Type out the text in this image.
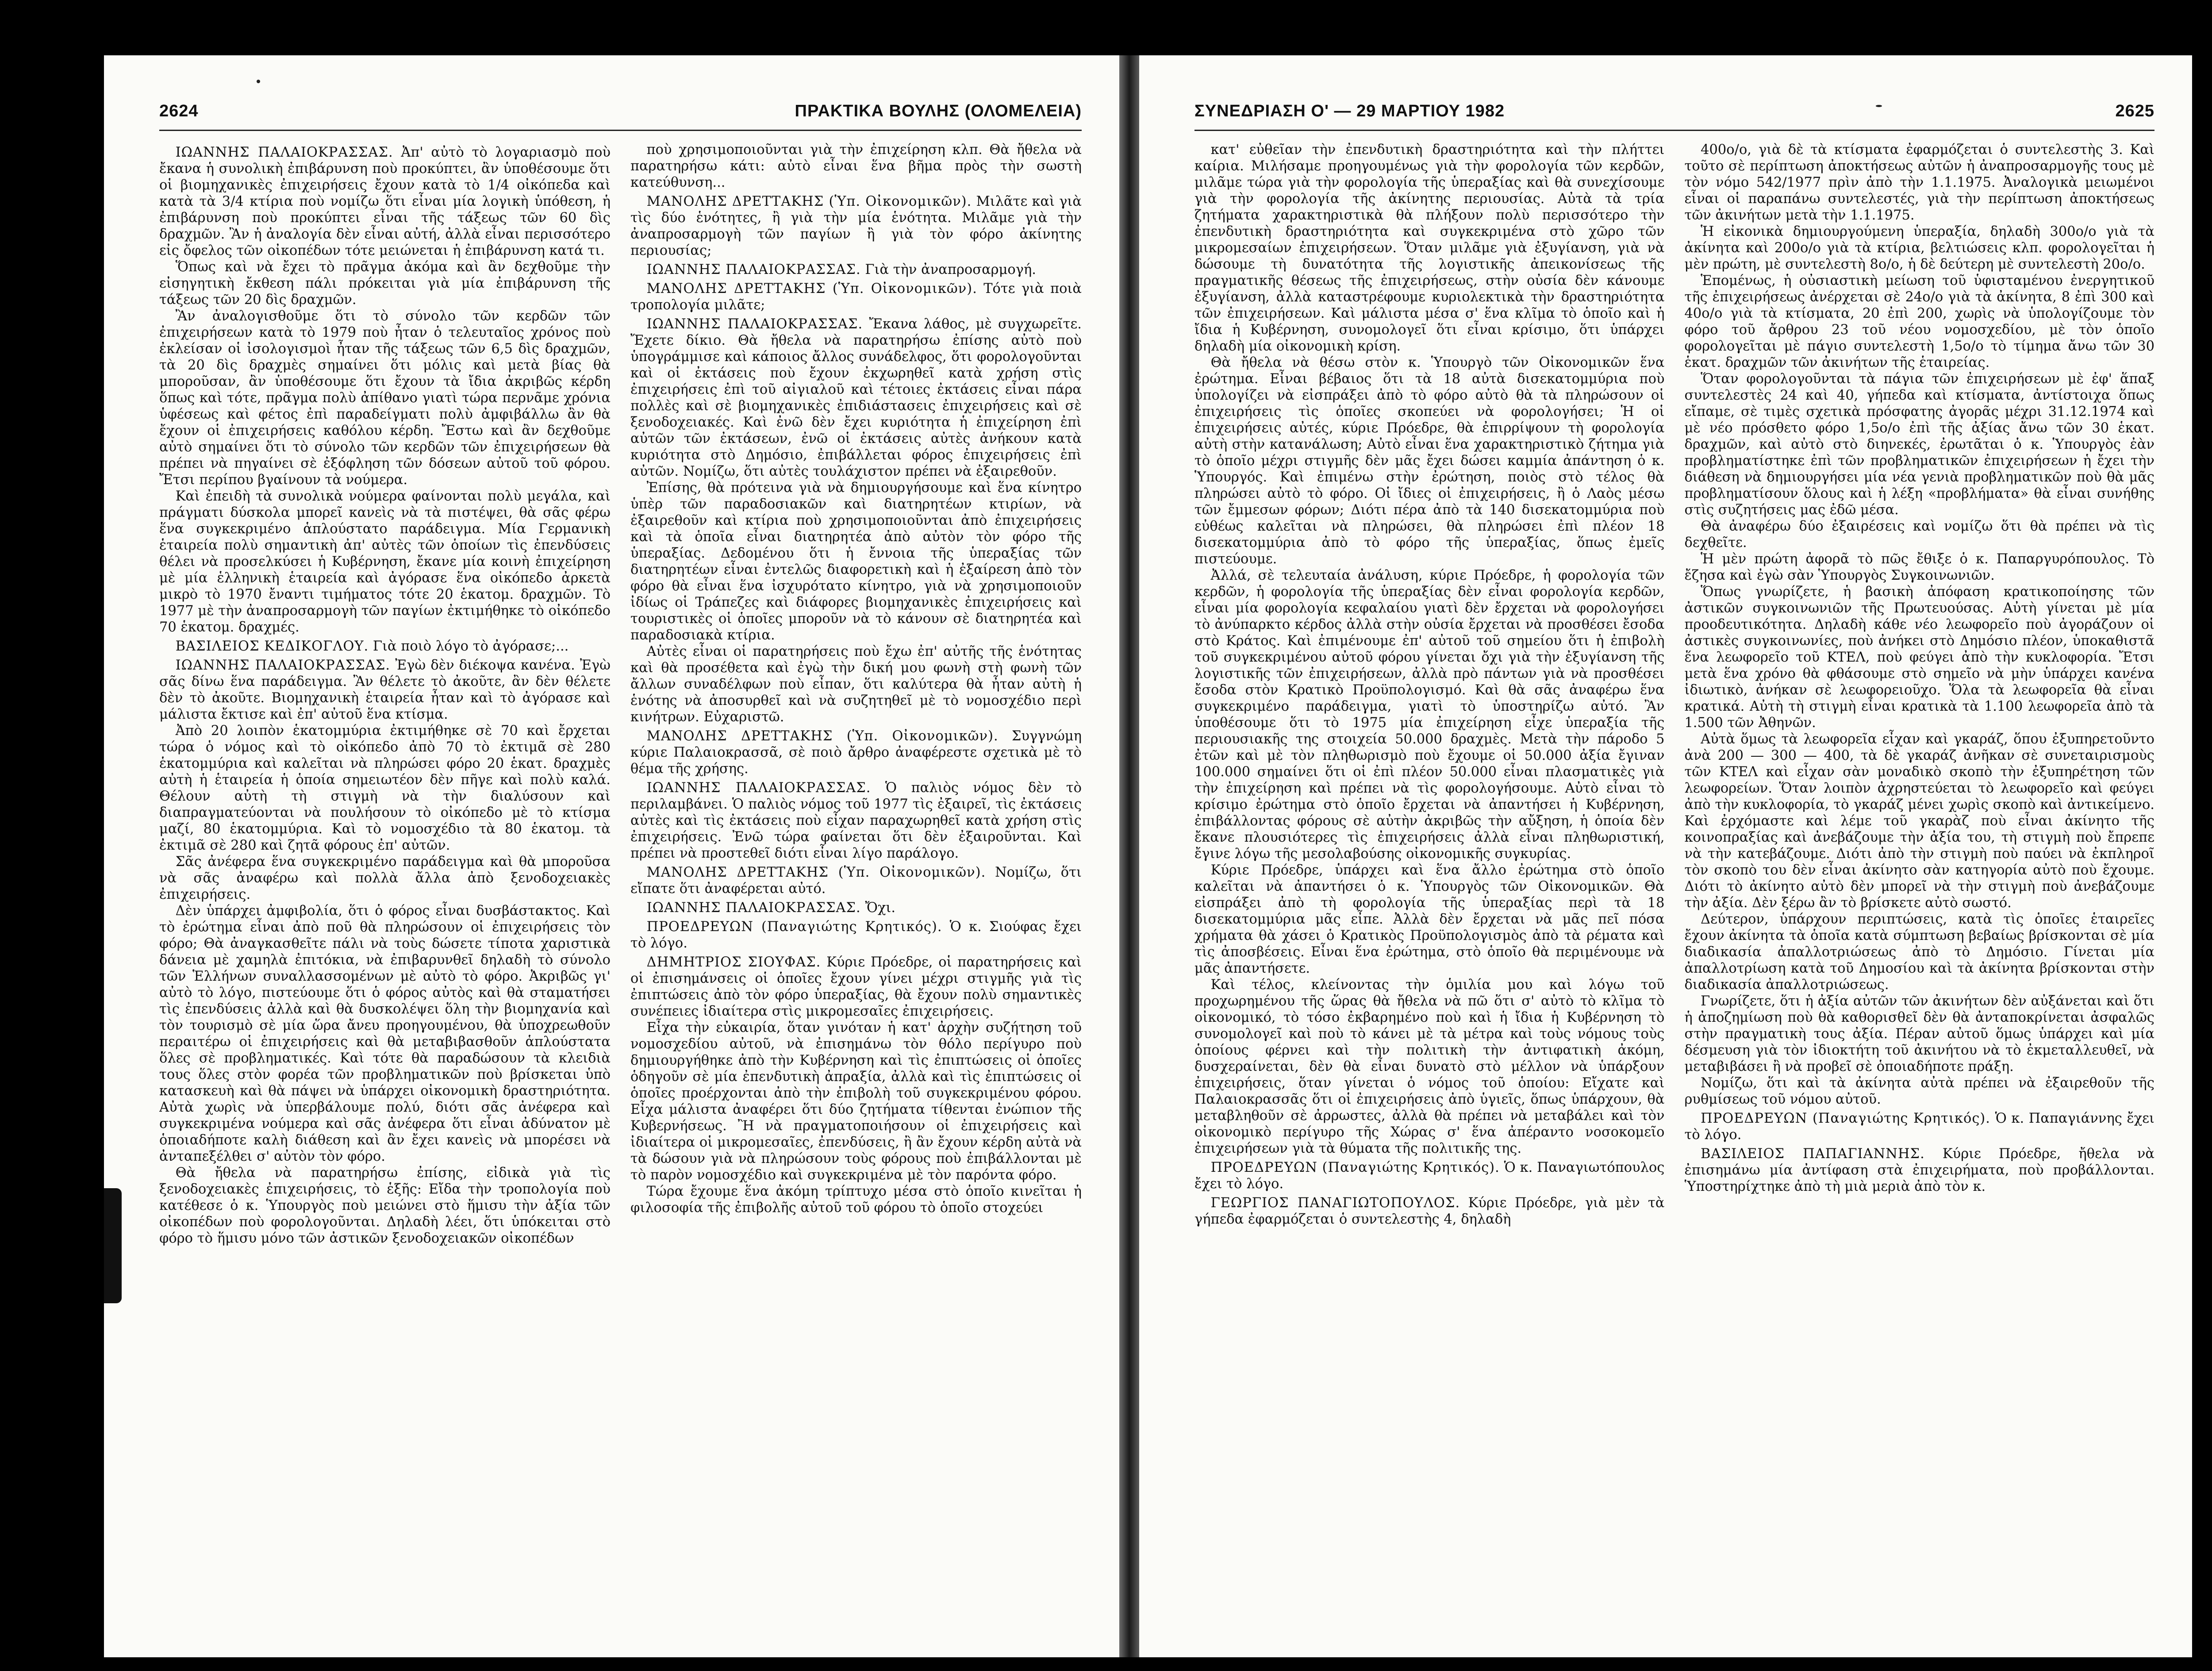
2624	ΠΡΑΚΤΙΚΑ ΒΟΥΛΗΣ (ΟΛΟΜΕΛΕΙΑ)

ΙΩΑΝΝΗΣ ΠΑΛΑΙΟΚΡΑΣΣΑΣ. Ἀπ' αὐτὸ τὸ λογαριασμὸ ποὺ ἔκανα ἡ συνολικὴ ἐπιβάρυνση ποὺ προκύπτει, ἂν ὑποθέσουμε ὅτι οἱ βιομηχανικὲς ἐπιχειρήσεις ἔχουν κατὰ τὸ 1/4 οἰκόπεδα καὶ κατὰ τὰ 3/4 κτίρια ποὺ νομίζω ὅτι εἶναι μία λογικὴ ὑπόθεση, ἡ ἐπιβάρυνση ποὺ προκύπτει εἶναι τῆς τάξεως τῶν 60 δὶς δραχμῶν. Ἂν ἡ ἀναλογία δὲν εἶναι αὐτή, ἀλλὰ εἶναι περισσότερο εἰς ὄφελος τῶν οἰκοπέδων τότε μειώνεται ἡ ἐπιβάρυνση κατά τι.

Ὅπως καὶ νὰ ἔχει τὸ πρᾶγμα ἀκόμα καὶ ἂν δεχθοῦμε τὴν εἰσηγητικὴ ἔκθεση πάλι πρόκειται γιὰ μία ἐπιβάρυνση τῆς τάξεως τῶν 20 δὶς δραχμῶν.

Ἂν ἀναλογισθοῦμε ὅτι τὸ σύνολο τῶν κερδῶν τῶν ἐπιχειρήσεων κατὰ τὸ 1979 ποὺ ἦταν ὁ τελευταῖος χρόνος ποὺ ἐκλείσαν οἱ ἰσολογισμοὶ ἦταν τῆς τάξεως τῶν 6,5 δὶς δραχμῶν, τὰ 20 δὶς δραχμὲς σημαίνει ὅτι μόλις καὶ μετὰ βίας θὰ μποροῦσαν, ἂν ὑποθέσουμε ὅτι ἔχουν τὰ ἴδια ἀκριβῶς κέρδη ὅπως καὶ τότε, πρᾶγμα πολὺ ἀπίθανο γιατὶ τώρα περνᾶμε χρόνια ὑφέσεως καὶ φέτος ἐπὶ παραδείγματι πολὺ ἀμφιβάλλω ἂν θὰ ἔχουν οἱ ἐπιχειρήσεις καθόλου κέρδη. Ἔστω καὶ ἂν δεχθοῦμε αὐτὸ σημαίνει ὅτι τὸ σύνολο τῶν κερδῶν τῶν ἐπιχειρήσεων θὰ πρέπει νὰ πηγαίνει σὲ ἐξόφληση τῶν δόσεων αὐτοῦ τοῦ φόρου. Ἔτσι περίπου βγαίνουν τὰ νούμερα.

Καὶ ἐπειδὴ τὰ συνολικὰ νούμερα φαίνονται πολὺ μεγάλα, καὶ πράγματι δύσκολα μπορεῖ κανεὶς νὰ τὰ πιστέψει, θὰ σᾶς φέρω ἕνα συγκεκριμένο ἁπλούστατο παράδειγμα. Μία Γερμανικὴ ἑταιρεία πολὺ σημαντικὴ ἀπ' αὐτὲς τῶν ὁποίων τὶς ἐπενδύσεις θέλει νὰ προσελκύσει ἡ Κυβέρνηση, ἔκανε μία κοινὴ ἐπιχείρηση μὲ μία ἑλληνικὴ ἑταιρεία καὶ ἀγόρασε ἕνα οἰκόπεδο ἀρκετὰ μικρὸ τὸ 1970 ἔναντι τιμήματος τότε 20 ἑκατομ. δραχμῶν. Τὸ 1977 μὲ τὴν ἀναπροσαρμογὴ τῶν παγίων ἐκτιμήθηκε τὸ οἰκόπεδο 70 ἑκατομ. δραχμές.

ΒΑΣΙΛΕΙΟΣ ΚΕΔΙΚΟΓΛΟΥ. Γιὰ ποιὸ λόγο τὸ ἀγόρασε;...

ΙΩΑΝΝΗΣ ΠΑΛΑΙΟΚΡΑΣΣΑΣ. Ἐγὼ δὲν διέκοψα κανένα. Ἐγὼ σᾶς δίνω ἕνα παράδειγμα. Ἂν θέλετε τὸ ἀκοῦτε, ἂν δὲν θέλετε δὲν τὸ ἀκοῦτε. Βιομηχανικὴ ἑταιρεία ἦταν καὶ τὸ ἀγόρασε καὶ μάλιστα ἔκτισε καὶ ἐπ' αὐτοῦ ἕνα κτίσμα.

Ἀπὸ 20 λοιπὸν ἑκατομμύρια ἐκτιμήθηκε σὲ 70 καὶ ἔρχεται τώρα ὁ νόμος καὶ τὸ οἰκόπεδο ἀπὸ 70 τὸ ἐκτιμᾶ σὲ 280 ἑκατομμύρια καὶ καλεῖται νὰ πληρώσει φόρο 20 ἑκατ. δραχμὲς αὐτὴ ἡ ἑταιρεία ἡ ὁποία σημειωτέον δὲν πῆγε καὶ πολὺ καλά. Θέλουν αὐτὴ τὴ στιγμὴ νὰ τὴν διαλύσουν καὶ διαπραγματεύονται νὰ πουλήσουν τὸ οἰκόπεδο μὲ τὸ κτίσμα μαζί, 80 ἑκατομμύρια. Καὶ τὸ νομοσχέδιο τὰ 80 ἑκατομ. τὰ ἐκτιμᾶ σὲ 280 καὶ ζητᾶ φόρους ἐπ' αὐτῶν.

Σᾶς ἀνέφερα ἕνα συγκεκριμένο παράδειγμα καὶ θὰ μποροῦσα νὰ σᾶς ἀναφέρω καὶ πολλὰ ἄλλα ἀπὸ ξενοδοχειακὲς ἐπιχειρήσεις.

Δὲν ὑπάρχει ἀμφιβολία, ὅτι ὁ φόρος εἶναι δυσβάστακτος. Καὶ τὸ ἐρώτημα εἶναι ἀπὸ ποῦ θὰ πληρώσουν οἱ ἐπιχειρήσεις τὸν φόρο; Θὰ ἀναγκασθεῖτε πάλι νὰ τοὺς δώσετε τίποτα χαριστικὰ δάνεια μὲ χαμηλὰ ἐπιτόκια, νὰ ἐπιβαρυνθεῖ δηλαδὴ τὸ σύνολο τῶν Ἑλλήνων συναλλασσομένων μὲ αὐτὸ τὸ φόρο. Ἀκριβῶς γι' αὐτὸ τὸ λόγο, πιστεύουμε ὅτι ὁ φόρος αὐτὸς καὶ θὰ σταματήσει τὶς ἐπενδύσεις ἀλλὰ καὶ θὰ δυσκολέψει ὅλη τὴν βιομηχανία καὶ τὸν τουρισμὸ σὲ μία ὥρα ἄνευ προηγουμένου, θὰ ὑποχρεωθοῦν περαιτέρω οἱ ἐπιχειρήσεις καὶ θὰ μεταβιβασθοῦν ἁπλούστατα ὅλες σὲ προβληματικές. Καὶ τότε θὰ παραδώσουν τὰ κλειδιὰ τους ὅλες στὸν φορέα τῶν προβληματικῶν ποὺ βρίσκεται ὑπὸ κατασκευὴ καὶ θὰ πάψει νὰ ὑπάρχει οἰκονομικὴ δραστηριότητα. Αὐτὰ χωρὶς νὰ ὑπερβάλουμε πολύ, διότι σᾶς ἀνέφερα καὶ συγκεκριμένα νούμερα καὶ σᾶς ἀνέφερα ὅτι εἶναι ἀδύνατον μὲ ὁποιαδήποτε καλὴ διάθεση καὶ ἂν ἔχει κανεὶς νὰ μπορέσει νὰ ἀνταπεξέλθει σ' αὐτὸν τὸν φόρο.

Θὰ ἤθελα νὰ παρατηρήσω ἐπίσης, εἰδικὰ γιὰ τὶς ξενοδοχειακὲς ἐπιχειρήσεις, τὸ ἑξῆς: Εἴδα τὴν τροπολογία ποὺ κατέθεσε ὁ κ. Ὑπουργὸς ποὺ μειώνει στὸ ἥμισυ τὴν ἀξία τῶν οἰκοπέδων ποὺ φορολογοῦνται. Δηλαδὴ λέει, ὅτι ὑπόκειται στὸ φόρο τὸ ἥμισυ μόνο τῶν ἀστικῶν ξενοδοχειακῶν οἰκοπέδων

ποὺ χρησιμοποιοῦνται γιὰ τὴν ἐπιχείρηση κλπ. Θὰ ἤθελα νὰ παρατηρήσω κάτι: αὐτὸ εἶναι ἕνα βῆμα πρὸς τὴν σωστὴ κατεύθυνση...

ΜΑΝΟΛΗΣ ΔΡΕΤΤΑΚΗΣ (Ὑπ. Οἰκονομικῶν). Μιλᾶτε καὶ γιὰ τὶς δύο ἑνότητες, ἢ γιὰ τὴν μία ἑνότητα. Μιλᾶμε γιὰ τὴν ἀναπροσαρμογὴ τῶν παγίων ἢ γιὰ τὸν φόρο ἀκίνητης περιουσίας;

ΙΩΑΝΝΗΣ ΠΑΛΑΙΟΚΡΑΣΣΑΣ. Γιὰ τὴν ἀναπροσαρμογή.

ΜΑΝΟΛΗΣ ΔΡΕΤΤΑΚΗΣ (Ὑπ. Οἰκονομικῶν). Τότε γιὰ ποιὰ τροπολογία μιλᾶτε;

ΙΩΑΝΝΗΣ ΠΑΛΑΙΟΚΡΑΣΣΑΣ. Ἔκανα λάθος, μὲ συγχωρεῖτε. Ἔχετε δίκιο. Θὰ ἤθελα νὰ παρατηρήσω ἐπίσης αὐτὸ ποὺ ὑπογράμμισε καὶ κάποιος ἄλλος συνάδελφος, ὅτι φορολογοῦνται καὶ οἱ ἐκτάσεις ποὺ ἔχουν ἐκχωρηθεῖ κατὰ χρήση στὶς ἐπιχειρήσεις ἐπὶ τοῦ αἰγιαλοῦ καὶ τέτοιες ἐκτάσεις εἶναι πάρα πολλὲς καὶ σὲ βιομηχανικὲς ἐπιδιάστασεις ἐπιχειρήσεις καὶ σὲ ξενοδοχειακές. Καὶ ἐνῶ δὲν ἔχει κυριότητα ἡ ἐπιχείρηση ἐπὶ αὐτῶν τῶν ἐκτάσεων, ἐνῶ οἱ ἐκτάσεις αὐτὲς ἀνήκουν κατὰ κυριότητα στὸ Δημόσιο, ἐπιβάλλεται φόρος ἐπιχειρήσεις ἐπὶ αὐτῶν. Νομίζω, ὅτι αὐτὲς τουλάχιστον πρέπει νὰ ἐξαιρεθοῦν.

Ἐπίσης, θὰ πρότεινα γιὰ νὰ δημιουργήσουμε καὶ ἕνα κίνητρο ὑπὲρ τῶν παραδοσιακῶν καὶ διατηρητέων κτιρίων, νὰ ἐξαιρεθοῦν καὶ κτίρια ποὺ χρησιμοποιοῦνται ἀπὸ ἐπιχειρήσεις καὶ τὰ ὁποῖα εἶναι διατηρητέα ἀπὸ αὐτὸν τὸν φόρο τῆς ὑπεραξίας. Δεδομένου ὅτι ἡ ἔννοια τῆς ὑπεραξίας τῶν διατηρητέων εἶναι ἐντελῶς διαφορετικὴ καὶ ἡ ἐξαίρεση ἀπὸ τὸν φόρο θὰ εἶναι ἕνα ἰσχυρότατο κίνητρο, γιὰ νὰ χρησιμοποιοῦν ἰδίως οἱ Τράπεζες καὶ διάφορες βιομηχανικὲς ἐπιχειρήσεις καὶ τουριστικὲς οἱ ὁποῖες μποροῦν νὰ τὸ κάνουν σὲ διατηρητέα καὶ παραδοσιακὰ κτίρια.

Αὐτὲς εἶναι οἱ παρατηρήσεις ποὺ ἔχω ἐπ' αὐτῆς τῆς ἑνότητας καὶ θὰ προσέθετα καὶ ἐγὼ τὴν δική μου φωνὴ στὴ φωνὴ τῶν ἄλλων συναδέλφων ποὺ εἶπαν, ὅτι καλύτερα θὰ ἦταν αὐτὴ ἡ ἑνότης νὰ ἀποσυρθεῖ καὶ νὰ συζητηθεῖ μὲ τὸ νομοσχέδιο περὶ κινήτρων. Εὐχαριστῶ.

ΜΑΝΟΛΗΣ ΔΡΕΤΤΑΚΗΣ (Ὑπ. Οἰκονομικῶν). Συγγνώμη κύριε Παλαιοκρασσᾶ, σὲ ποιὸ ἄρθρο ἀναφέρεστε σχετικὰ μὲ τὸ θέμα τῆς χρήσης.

ΙΩΑΝΝΗΣ ΠΑΛΑΙΟΚΡΑΣΣΑΣ. Ὁ παλιὸς νόμος δὲν τὸ περιλαμβάνει. Ὁ παλιὸς νόμος τοῦ 1977 τὶς ἐξαιρεῖ, τὶς ἐκτάσεις αὐτὲς καὶ τὶς ἐκτάσεις ποὺ εἶχαν παραχωρηθεῖ κατὰ χρήση στὶς ἐπιχειρήσεις. Ἐνῶ τώρα φαίνεται ὅτι δὲν ἐξαιροῦνται. Καὶ πρέπει νὰ προστεθεῖ διότι εἶναι λίγο παράλογο.

ΜΑΝΟΛΗΣ ΔΡΕΤΤΑΚΗΣ (Ὑπ. Οἰκονομικῶν). Νομίζω, ὅτι εἴπατε ὅτι ἀναφέρεται αὐτό.

ΙΩΑΝΝΗΣ ΠΑΛΑΙΟΚΡΑΣΣΑΣ. Ὄχι.

ΠΡΟΕΔΡΕΥΩΝ (Παναγιώτης Κρητικός). Ὁ κ. Σιούφας ἔχει τὸ λόγο.

ΔΗΜΗΤΡΙΟΣ ΣΙΟΥΦΑΣ. Κύριε Πρόεδρε, οἱ παρατηρήσεις καὶ οἱ ἐπισημάνσεις οἱ ὁποῖες ἔχουν γίνει μέχρι στιγμῆς γιὰ τὶς ἐπιπτώσεις ἀπὸ τὸν φόρο ὑπεραξίας, θὰ ἔχουν πολὺ σημαντικὲς συνέπειες ἰδιαίτερα στὶς μικρομεσαῖες ἐπιχειρήσεις.

Εἶχα τὴν εὐκαιρία, ὅταν γινόταν ἡ κατ' ἀρχὴν συζήτηση τοῦ νομοσχεδίου αὐτοῦ, νὰ ἐπισημάνω τὸν θόλο περίγυρο ποὺ δημιουργήθηκε ἀπὸ τὴν Κυβέρνηση καὶ τὶς ἐπιπτώσεις οἱ ὁποῖες ὁδηγοῦν σὲ μία ἐπενδυτικὴ ἀπραξία, ἀλλὰ καὶ τὶς ἐπιπτώσεις οἱ ὁποῖες προέρχονται ἀπὸ τὴν ἐπιβολὴ τοῦ συγκεκριμένου φόρου. Εἶχα μάλιστα ἀναφέρει ὅτι δύο ζητήματα τίθενται ἐνώπιον τῆς Κυβερνήσεως. Ἢ νὰ πραγματοποιήσουν οἱ ἐπιχειρήσεις καὶ ἰδιαίτερα οἱ μικρομεσαῖες, ἐπενδύσεις, ἢ ἂν ἔχουν κέρδη αὐτὰ νὰ τὰ δώσουν γιὰ νὰ πληρώσουν τοὺς φόρους ποὺ ἐπιβάλλονται μὲ τὸ παρὸν νομοσχέδιο καὶ συγκεκριμένα μὲ τὸν παρόντα φόρο.

Τώρα ἔχουμε ἕνα ἀκόμη τρίπτυχο μέσα στὸ ὁποῖο κινεῖται ἡ φιλοσοφία τῆς ἐπιβολῆς αὐτοῦ τοῦ φόρου τὸ ὁποῖο στοχεύει

ΣΥΝΕΔΡΙΑΣΗ Ο' — 29 ΜΑΡΤΙΟΥ 1982	2625

κατ' εὐθεῖαν τὴν ἐπενδυτικὴ δραστηριότητα καὶ τὴν πλήττει καίρια. Μιλήσαμε προηγουμένως γιὰ τὴν φορολογία τῶν κερδῶν, μιλᾶμε τώρα γιὰ τὴν φορολογία τῆς ὑπεραξίας καὶ θὰ συνεχίσουμε γιὰ τὴν φορολογία τῆς ἀκίνητης περιουσίας. Αὐτὰ τὰ τρία ζητήματα χαρακτηριστικὰ θὰ πλήξουν πολὺ περισσότερο τὴν ἐπενδυτικὴ δραστηριότητα καὶ συγκεκριμένα στὸ χῶρο τῶν μικρομεσαίων ἐπιχειρήσεων. Ὅταν μιλᾶμε γιὰ ἐξυγίανση, γιὰ νὰ δώσουμε τὴ δυνατότητα τῆς λογιστικῆς ἀπεικονίσεως τῆς πραγματικῆς θέσεως τῆς ἐπιχειρήσεως, στὴν οὐσία δὲν κάνουμε ἐξυγίανση, ἀλλὰ καταστρέφουμε κυριολεκτικὰ τὴν δραστηριότητα τῶν ἐπιχειρήσεων. Καὶ μάλιστα μέσα σ' ἕνα κλῖμα τὸ ὁποῖο καὶ ἡ ἴδια ἡ Κυβέρνηση, συνομολογεῖ ὅτι εἶναι κρίσιμο, ὅτι ὑπάρχει δηλαδὴ μία οἰκονομικὴ κρίση.

Θὰ ἤθελα νὰ θέσω στὸν κ. Ὑπουργὸ τῶν Οἰκονομικῶν ἕνα ἐρώτημα. Εἶναι βέβαιος ὅτι τὰ 18 αὐτὰ δισεκατομμύρια ποὺ ὑπολογίζει νὰ εἰσπράξει ἀπὸ τὸ φόρο αὐτὸ θὰ τὰ πληρώσουν οἱ ἐπιχειρήσεις τὶς ὁποῖες σκοπεύει νὰ φορολογήσει; Ἡ οἱ ἐπιχειρήσεις αὐτές, κύριε Πρόεδρε, θὰ ἐπιρρίψουν τὴ φορολογία αὐτὴ στὴν κατανάλωση; Αὐτὸ εἶναι ἕνα χαρακτηριστικὸ ζήτημα γιὰ τὸ ὁποῖο μέχρι στιγμῆς δὲν μᾶς ἔχει δώσει καμμία ἀπάντηση ὁ κ. Ὑπουργός. Καὶ ἐπιμένω στὴν ἐρώτηση, ποιὸς στὸ τέλος θὰ πληρώσει αὐτὸ τὸ φόρο. Οἱ ἴδιες οἱ ἐπιχειρήσεις, ἢ ὁ Λαὸς μέσω τῶν ἔμμεσων φόρων; Διότι πέρα ἀπὸ τὰ 140 δισεκατομμύρια ποὺ εὐθέως καλεῖται νὰ πληρώσει, θὰ πληρώσει ἐπὶ πλέον 18 δισεκατομμύρια ἀπὸ τὸ φόρο τῆς ὑπεραξίας, ὅπως ἐμεῖς πιστεύουμε.

Ἀλλά, σὲ τελευταία ἀνάλυση, κύριε Πρόεδρε, ἡ φορολογία τῶν κερδῶν, ἡ φορολογία τῆς ὑπεραξίας δὲν εἶναι φορολογία κερδῶν, εἶναι μία φορολογία κεφαλαίου γιατὶ δὲν ἔρχεται νὰ φορολογήσει τὸ ἀνύπαρκτο κέρδος ἀλλὰ στὴν οὐσία ἔρχεται νὰ προσθέσει ἔσοδα στὸ Κράτος. Καὶ ἐπιμένουμε ἐπ' αὐτοῦ τοῦ σημείου ὅτι ἡ ἐπιβολὴ τοῦ συγκεκριμένου αὐτοῦ φόρου γίνεται ὄχι γιὰ τὴν ἐξυγίανση τῆς λογιστικῆς τῶν ἐπιχειρήσεων, ἀλλὰ πρὸ πάντων γιὰ νὰ προσθέσει ἔσοδα στὸν Κρατικὸ Προϋπολογισμό. Καὶ θὰ σᾶς ἀναφέρω ἕνα συγκεκριμένο παράδειγμα, γιατὶ τὸ ὑποστηρίζω αὐτό. Ἂν ὑποθέσουμε ὅτι τὸ 1975 μία ἐπιχείρηση εἶχε ὑπεραξία τῆς περιουσιακῆς της στοιχεία 50.000 δραχμὲς. Μετὰ τὴν πάροδο 5 ἐτῶν καὶ μὲ τὸν πληθωρισμὸ ποὺ ἔχουμε οἱ 50.000 ἀξία ἔγιναν 100.000 σημαίνει ὅτι οἱ ἐπὶ πλέον 50.000 εἶναι πλασματικὲς γιὰ τὴν ἐπιχείρηση καὶ πρέπει νὰ τὶς φορολογήσουμε. Αὐτὸ εἶναι τὸ κρίσιμο ἐρώτημα στὸ ὁποῖο ἔρχεται νὰ ἀπαντήσει ἡ Κυβέρνηση, ἐπιβάλλοντας φόρους σὲ αὐτὴν ἀκριβῶς τὴν αὔξηση, ἡ ὁποία δὲν ἔκανε πλουσιότερες τὶς ἐπιχειρήσεις ἀλλὰ εἶναι πληθωριστική, ἔγινε λόγω τῆς μεσολαβούσης οἰκονομικῆς συγκυρίας.

Κύριε Πρόεδρε, ὑπάρχει καὶ ἕνα ἄλλο ἐρώτημα στὸ ὁποῖο καλεῖται νὰ ἀπαντήσει ὁ κ. Ὑπουργὸς τῶν Οἰκονομικῶν. Θὰ εἰσπράξει ἀπὸ τὴ φορολογία τῆς ὑπεραξίας περὶ τὰ 18 δισεκατομμύρια μᾶς εἶπε. Ἀλλὰ δὲν ἔρχεται νὰ μᾶς πεῖ πόσα χρήματα θὰ χάσει ὁ Κρατικὸς Προϋπολογισμὸς ἀπὸ τὰ ρέματα καὶ τὶς ἀποσβέσεις. Εἶναι ἕνα ἐρώτημα, στὸ ὁποῖο θὰ περιμένουμε νὰ μᾶς ἀπαντήσετε.

Καὶ τέλος, κλείνοντας τὴν ὁμιλία μου καὶ λόγω τοῦ προχωρημένου τῆς ὥρας θὰ ἤθελα νὰ πῶ ὅτι σ' αὐτὸ τὸ κλῖμα τὸ οἰκονομικό, τὸ τόσο ἐκβαρημένο ποὺ καὶ ἡ ἴδια ἡ Κυβέρνηση τὸ συνομολογεῖ καὶ ποὺ τὸ κάνει μὲ τὰ μέτρα καὶ τοὺς νόμους τοὺς ὁποίους φέρνει καὶ τὴν πολιτικὴ τὴν ἀντιφατικὴ ἀκόμη, δυσχεραίνεται, δὲν θὰ εἶναι δυνατὸ στὸ μέλλον νὰ ὑπάρξουν ἐπιχειρήσεις, ὅταν γίνεται ὁ νόμος τοῦ ὁποίου: Εἴχατε καὶ Παλαιοκρασσᾶς ὅτι οἱ ἐπιχειρήσεις ἀπὸ ὑγιεῖς, ὅπως ὑπάρχουν, θὰ μεταβληθοῦν σὲ ἀρρωστες, ἀλλὰ θὰ πρέπει νὰ μεταβάλει καὶ τὸν οἰκονομικὸ περίγυρο τῆς Χώρας σ' ἕνα ἀπέραντο νοσοκομεῖο ἐπιχειρήσεων γιὰ τὰ θύματα τῆς πολιτικῆς της.

ΠΡΟΕΔΡΕΥΩΝ (Παναγιώτης Κρητικός). Ὁ κ. Παναγιωτόπουλος ἔχει τὸ λόγο.

ΓΕΩΡΓΙΟΣ ΠΑΝΑΓΙΩΤΟΠΟΥΛΟΣ. Κύριε Πρόεδρε, γιὰ μὲν τὰ γήπεδα ἐφαρμόζεται ὁ συντελεστὴς 4, δηλαδὴ

400ο/ο, γιὰ δὲ τὰ κτίσματα ἐφαρμόζεται ὁ συντελεστὴς 3. Καὶ τοῦτο σὲ περίπτωση ἀποκτήσεως αὐτῶν ἡ ἀναπροσαρμογῆς τους μὲ τὸν νόμο 542/1977 πρὶν ἀπὸ τὴν 1.1.1975. Ἀναλογικὰ μειωμένοι εἶναι οἱ παραπάνω συντελεστές, γιὰ τὴν περίπτωση ἀποκτήσεως τῶν ἀκινήτων μετὰ τὴν 1.1.1975.

Ἡ εἰκονικὰ δημιουργούμενη ὑπεραξία, δηλαδὴ 300ο/ο γιὰ τὰ ἀκίνητα καὶ 200ο/ο γιὰ τὰ κτίρια, βελτιώσεις κλπ. φορολογεῖται ἡ μὲν πρώτη, μὲ συντελεστὴ 8ο/ο, ἡ δὲ δεύτερη μὲ συντελεστὴ 20ο/ο.

Ἑπομένως, ἡ οὐσιαστικὴ μείωση τοῦ ὑφισταμένου ἐνεργητικοῦ τῆς ἐπιχειρήσεως ἀνέρχεται σὲ 24ο/ο γιὰ τὰ ἀκίνητα, 8 ἐπὶ 300 καὶ 40ο/ο γιὰ τὰ κτίσματα, 20 ἐπὶ 200, χωρὶς νὰ ὑπολογίζουμε τὸν φόρο τοῦ ἄρθρου 23 τοῦ νέου νομοσχεδίου, μὲ τὸν ὁποῖο φορολογεῖται μὲ πάγιο συντελεστὴ 1,5ο/ο τὸ τίμημα ἄνω τῶν 30 ἑκατ. δραχμῶν τῶν ἀκινήτων τῆς ἑταιρείας.

Ὅταν φορολογοῦνται τὰ πάγια τῶν ἐπιχειρήσεων μὲ ἐφ' ἅπαξ συντελεστὲς 24 καὶ 40, γήπεδα καὶ κτίσματα, ἀντίστοιχα ὅπως εἴπαμε, σὲ τιμὲς σχετικὰ πρόσφατης ἀγορᾶς μέχρι 31.12.1974 καὶ μὲ νέο πρόσθετο φόρο 1,5ο/ο ἐπὶ τῆς ἀξίας ἄνω τῶν 30 ἑκατ. δραχμῶν, καὶ αὐτὸ στὸ διηνεκές, ἐρωτᾶται ὁ κ. Ὑπουργὸς ἐὰν προβληματίστηκε ἐπὶ τῶν προβληματικῶν ἐπιχειρήσεων ἡ ἔχει τὴν διάθεση νὰ δημιουργήσει μία νέα γενιὰ προβληματικῶν ποὺ θὰ μᾶς προβληματίσουν ὅλους καὶ ἡ λέξη «προβλήματα» θὰ εἶναι συνήθης στὶς συζητήσεις μας ἐδῶ μέσα.

Θὰ ἀναφέρω δύο ἐξαιρέσεις καὶ νομίζω ὅτι θὰ πρέπει νὰ τὶς δεχθεῖτε.

Ἡ μὲν πρώτη ἀφορᾶ τὸ πῶς ἔθιξε ὁ κ. Παπαργυρόπουλος. Τὸ ἔζησα καὶ ἐγὼ σὰν Ὑπουργὸς Συγκοινωνιῶν.

Ὅπως γνωρίζετε, ἡ βασικὴ ἀπόφαση κρατικοποίησης τῶν ἀστικῶν συγκοινωνιῶν τῆς Πρωτευούσας. Αὐτὴ γίνεται μὲ μία προοδευτικότητα. Δηλαδὴ κάθε νέο λεωφορεῖο ποὺ ἀγοράζουν οἱ ἀστικὲς συγκοινωνίες, ποὺ ἀνήκει στὸ Δημόσιο πλέον, ὑποκαθιστᾶ ἕνα λεωφορεῖο τοῦ ΚΤΕΛ, ποὺ φεύγει ἀπὸ τὴν κυκλοφορία. Ἔτσι μετὰ ἕνα χρόνο θὰ φθάσουμε στὸ σημεῖο νὰ μὴν ὑπάρχει κανένα ἰδιωτικὸ, ἀνήκαν σὲ λεωφορειοῦχο. Ὅλα τὰ λεωφορεῖα θὰ εἶναι κρατικά. Αὐτὴ τὴ στιγμὴ εἶναι κρατικὰ τὰ 1.100 λεωφορεῖα ἀπὸ τὰ 1.500 τῶν Ἀθηνῶν.

Αὐτὰ ὅμως τὰ λεωφορεῖα εἶχαν καὶ γκαράζ, ὅπου ἐξυπηρετοῦντο ἀνὰ 200 — 300 — 400, τὰ δὲ γκαράζ ἀνῆκαν σὲ συνεταιρισμοὺς τῶν ΚΤΕΛ καὶ εἶχαν σὰν μοναδικὸ σκοπὸ τὴν ἐξυπηρέτηση τῶν λεωφορείων. Ὅταν λοιπὸν ἀχρηστεύεται τὸ λεωφορεῖο καὶ φεύγει ἀπὸ τὴν κυκλοφορία, τὸ γκαράζ μένει χωρὶς σκοπὸ καὶ ἀντικείμενο. Καὶ ἐρχόμαστε καὶ λέμε τοῦ γκαρὰζ ποὺ εἶναι ἀκίνητο τῆς κοινοπραξίας καὶ ἀνεβάζουμε τὴν ἀξία του, τὴ στιγμὴ ποὺ ἔπρεπε νὰ τὴν κατεβάζουμε. Διότι ἀπὸ τὴν στιγμὴ ποὺ παύει νὰ ἐκπληροῖ τὸν σκοπὸ του δὲν εἶναι ἀκίνητο σὰν κατηγορία αὐτὸ ποὺ ἔχουμε. Διότι τὸ ἀκίνητο αὐτὸ δὲν μπορεῖ νὰ τὴν στιγμὴ ποὺ ἀνεβάζουμε τὴν ἀξία. Δὲν ξέρω ἂν τὸ βρίσκετε αὐτὸ σωστό.

Δεύτερον, ὑπάρχουν περιπτώσεις, κατὰ τὶς ὁποῖες ἑταιρεῖες ἔχουν ἀκίνητα τὰ ὁποῖα κατὰ σύμπτωση βεβαίως βρίσκονται σὲ μία διαδικασία ἀπαλλοτριώσεως ἀπὸ τὸ Δημόσιο. Γίνεται μία ἀπαλλοτρίωση κατὰ τοῦ Δημοσίου καὶ τὰ ἀκίνητα βρίσκονται στὴν διαδικασία ἀπαλλοτριώσεως.

Γνωρίζετε, ὅτι ἡ ἀξία αὐτῶν τῶν ἀκινήτων δὲν αὐξάνεται καὶ ὅτι ἡ ἀποζημίωση ποὺ θὰ καθορισθεῖ δὲν θὰ ἀνταποκρίνεται ἀσφαλῶς στὴν πραγματικὴ τους ἀξία. Πέραν αὐτοῦ ὅμως ὑπάρχει καὶ μία δέσμευση γιὰ τὸν ἰδιοκτήτη τοῦ ἀκινήτου νὰ τὸ ἐκμεταλλευθεῖ, νὰ μεταβιβάσει ἢ νὰ προβεῖ σὲ ὁποιαδήποτε πράξη.

Νομίζω, ὅτι καὶ τὰ ἀκίνητα αὐτὰ πρέπει νὰ ἐξαιρεθοῦν τῆς ρυθμίσεως τοῦ νόμου αὐτοῦ.

ΠΡΟΕΔΡΕΥΩΝ (Παναγιώτης Κρητικός). Ὁ κ. Παπαγιάννης ἔχει τὸ λόγο.

ΒΑΣΙΛΕΙΟΣ ΠΑΠΑΓΙΑΝΝΗΣ. Κύριε Πρόεδρε, ἤθελα νὰ ἐπισημάνω μία ἀντίφαση στὰ ἐπιχειρήματα, ποὺ προβάλλονται. Ὑποστηρίχτηκε ἀπὸ τὴ μιὰ μεριὰ ἀπὸ τὸν κ.
